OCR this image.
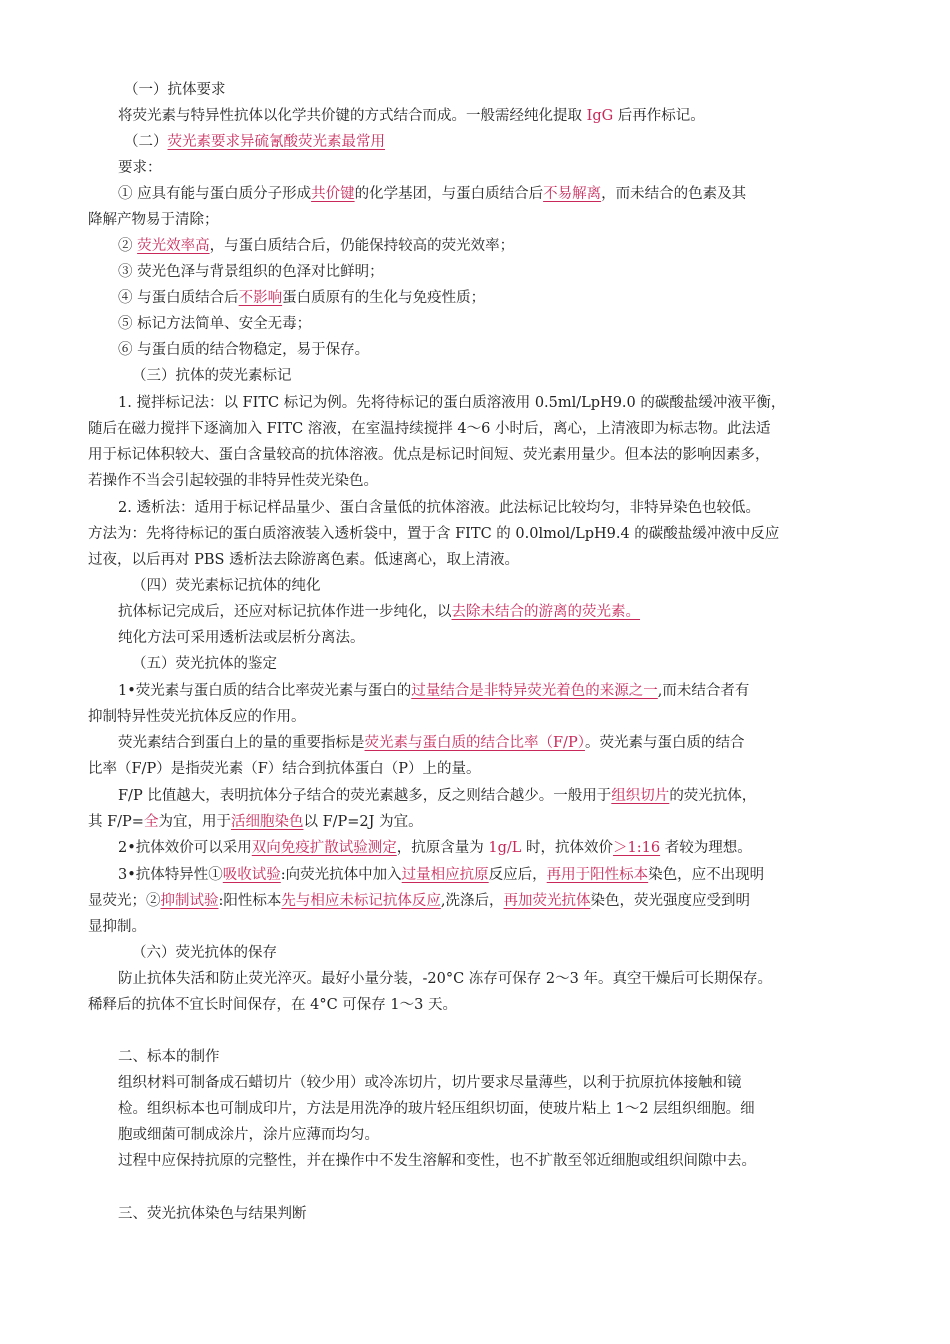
（一）抗体要求
将荧光素与特异性抗体以化学共价键的方式结合而成。一般需经纯化提取 IgG 后再作标记。
（二）荧光素要求异硫氰酸荧光素最常用
要求：
① 应具有能与蛋白质分子形成共价键的化学基团，与蛋白质结合后不易解离，而未结合的色素及其
降解产物易于清除；
② 荧光效率高，与蛋白质结合后，仍能保持较高的荧光效率；
③ 荧光色泽与背景组织的色泽对比鲜明；
④ 与蛋白质结合后不影响蛋白质原有的生化与免疫性质；
⑤ 标记方法简单、安全无毒；
⑥ 与蛋白质的结合物稳定，易于保存。
（三）抗体的荧光素标记
1. 搅拌标记法：以 FITC 标记为例。先将待标记的蛋白质溶液用 0.5ml/LpH9.0 的碳酸盐缓冲液平衡，
随后在磁力搅拌下逐滴加入 FITC 溶液，在室温持续搅拌 4～6 小时后，离心，上清液即为标志物。此法适
用于标记体积较大、蛋白含量较高的抗体溶液。优点是标记时间短、荧光素用量少。但本法的影响因素多，
若操作不当会引起较强的非特异性荧光染色。
2. 透析法：适用于标记样品量少、蛋白含量低的抗体溶液。此法标记比较均匀，非特异染色也较低。
方法为：先将待标记的蛋白质溶液装入透析袋中，置于含 FITC 的 0.0lmol/LpH9.4 的碳酸盐缓冲液中反应
过夜，以后再对 PBS 透析法去除游离色素。低速离心，取上清液。
（四）荧光素标记抗体的纯化
抗体标记完成后，还应对标记抗体作进一步纯化，以去除未结合的游离的荧光素。
纯化方法可采用透析法或层析分离法。
（五）荧光抗体的鉴定
1•荧光素与蛋白质的结合比率荧光素与蛋白的过量结合是非特异荧光着色的来源之一,而未结合者有
抑制特异性荧光抗体反应的作用。
荧光素结合到蛋白上的量的重要指标是荧光素与蛋白质的结合比率（F/P）。荧光素与蛋白质的结合
比率（F/P）是指荧光素（F）结合到抗体蛋白（P）上的量。
F/P 比值越大，表明抗体分子结合的荧光素越多，反之则结合越少。一般用于组织切片的荧光抗体，
其 F/P=全为宜，用于活细胞染色以 F/P=2J 为宜。
2•抗体效价可以采用双向免疫扩散试验测定，抗原含量为 1g/L 时，抗体效价＞1:16 者较为理想。
3•抗体特异性①吸收试验:向荧光抗体中加入过量相应抗原反应后，再用于阳性标本染色，应不出现明
显荧光；②抑制试验:阳性标本先与相应未标记抗体反应,洗涤后，再加荧光抗体染色，荧光强度应受到明
显抑制。
（六）荧光抗体的保存
防止抗体失活和防止荧光淬灭。最好小量分装，-20°C 冻存可保存 2～3 年。真空干燥后可长期保存。
稀释后的抗体不宜长时间保存，在 4°C 可保存 1～3 天。
二、标本的制作
组织材料可制备成石蜡切片（较少用）或冷冻切片，切片要求尽量薄些，以利于抗原抗体接触和镜
检。组织标本也可制成印片，方法是用洗净的玻片轻压组织切面，使玻片粘上 1～2 层组织细胞。细
胞或细菌可制成涂片，涂片应薄而均匀。
过程中应保持抗原的完整性，并在操作中不发生溶解和变性，也不扩散至邻近细胞或组织间隙中去。
三、荧光抗体染色与结果判断
